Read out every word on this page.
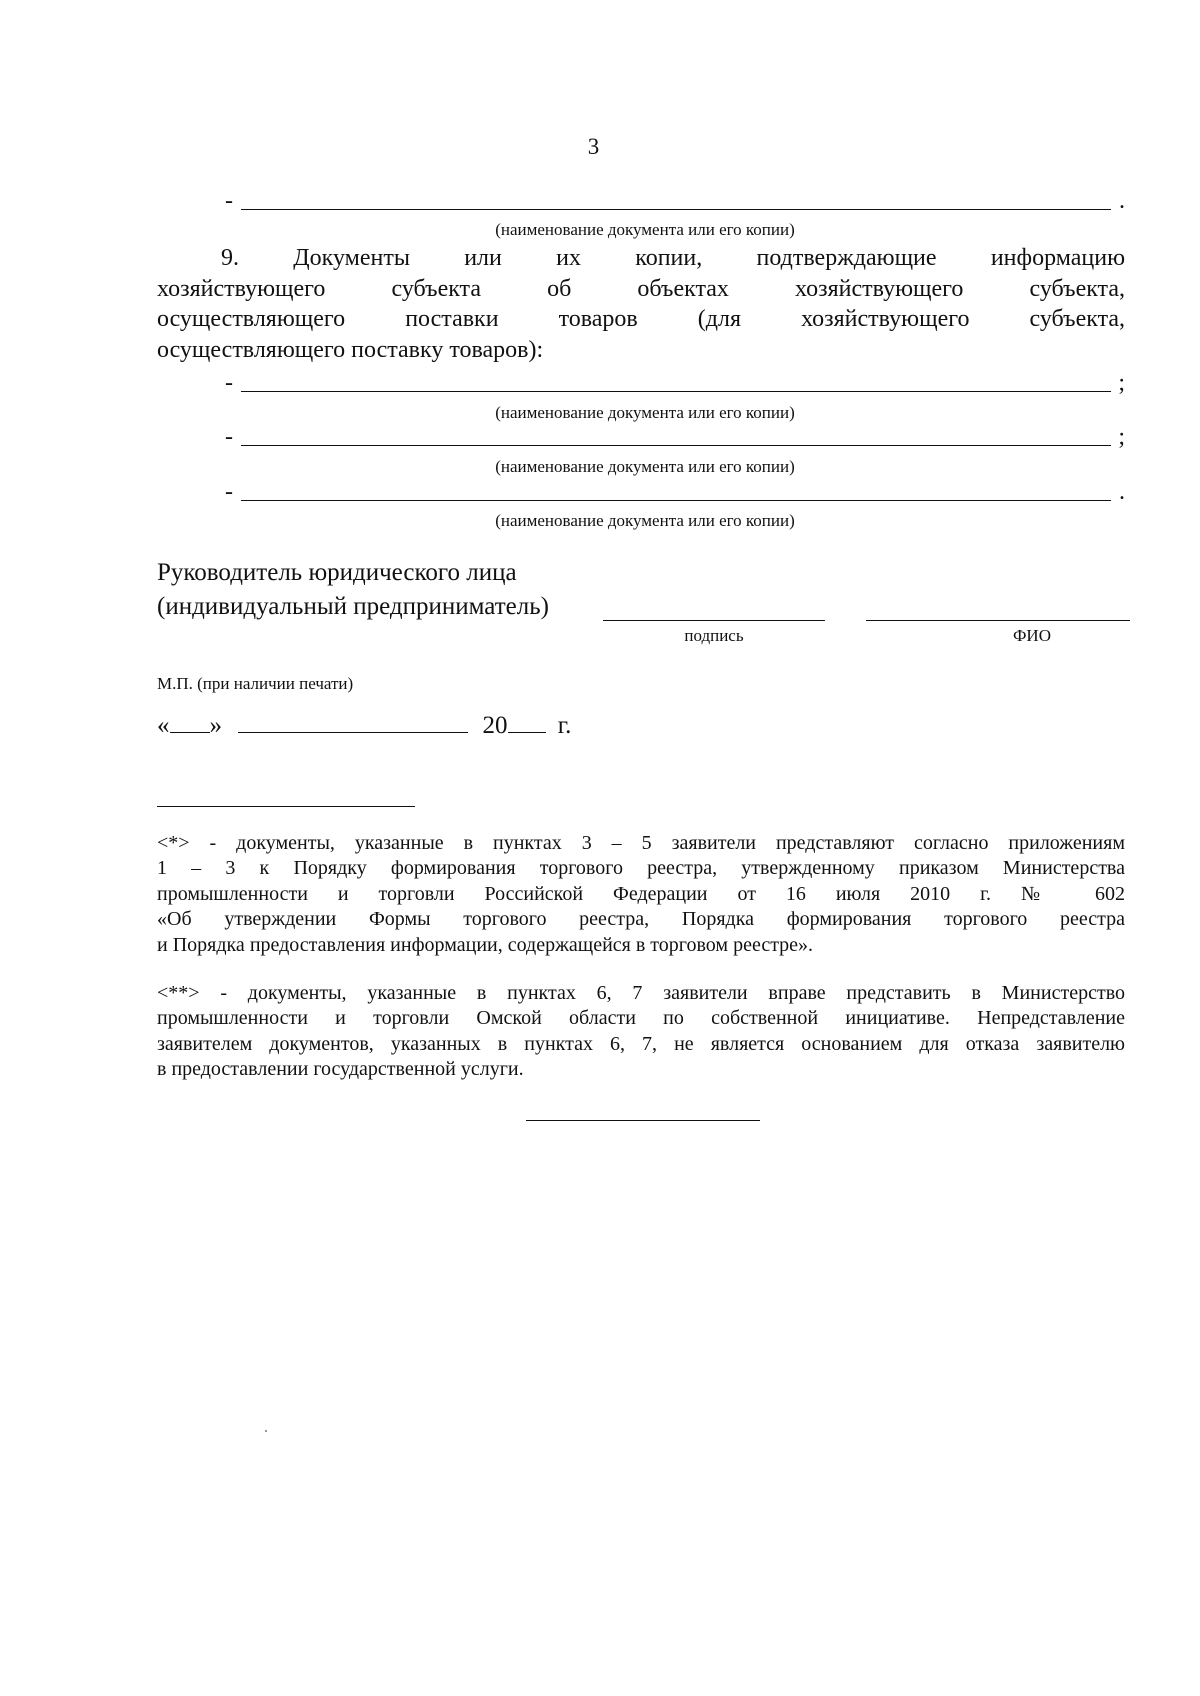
3
-	.
(наименование документа или его копии)
9. Документы или их копии, подтверждающие информацию
хозяйствующего субъекта об объектах хозяйствующего субъекта,
осуществляющего поставки товаров (для хозяйствующего субъекта,
осуществляющего поставку товаров):
-	;
(наименование документа или его копии)
-	;
(наименование документа или его копии)
-	.
(наименование документа или его копии)
Руководитель юридического лица
(индивидуальный предприниматель)
подпись	ФИО
М.П. (при наличии печати)
« »	20 г.
<*> - документы, указанные в пунктах 3 – 5 заявители представляют согласно приложениям
1 – 3 к Порядку формирования торгового реестра, утвержденному приказом Министерства
промышленности и торговли Российской Федерации от 16 июля 2010 г. № 602
«Об утверждении Формы торгового реестра, Порядка формирования торгового реестра
и Порядка предоставления информации, содержащейся в торговом реестре».
<**> - документы, указанные в пунктах 6, 7 заявители вправе представить в Министерство
промышленности и торговли Омской области по собственной инициативе. Непредставление
заявителем документов, указанных в пунктах 6, 7, не является основанием для отказа заявителю
в предоставлении государственной услуги.
